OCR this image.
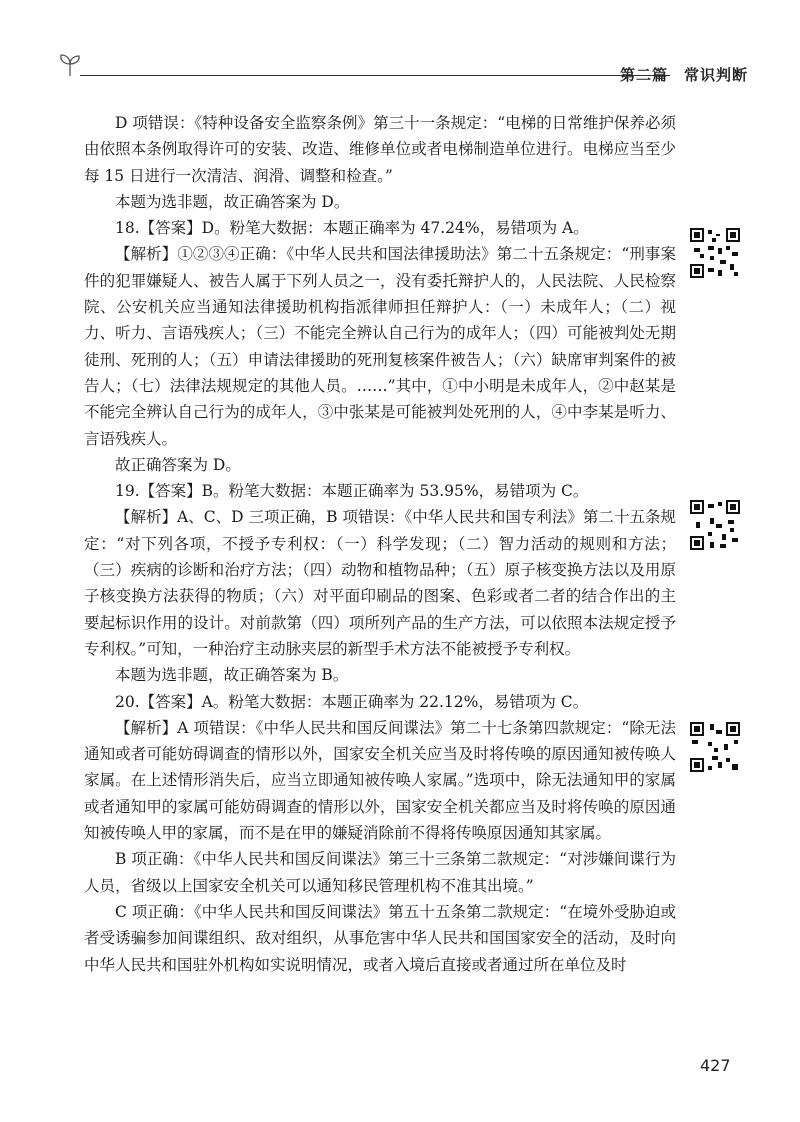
第二篇　常识判断

D 项错误：《特种设备安全监察条例》第三十一条规定：“电梯的日常维护保养必须由依照本条例取得许可的安装、改造、维修单位或者电梯制造单位进行。电梯应当至少每 15 日进行一次清洁、润滑、调整和检查。”

本题为选非题，故正确答案为 D。

18.【答案】D。粉笔大数据：本题正确率为 47.24%，易错项为 A。

【解析】①②③④正确：《中华人民共和国法律援助法》第二十五条规定：“刑事案件的犯罪嫌疑人、被告人属于下列人员之一，没有委托辩护人的，人民法院、人民检察院、公安机关应当通知法律援助机构指派律师担任辩护人：（一）未成年人；（二）视力、听力、言语残疾人；（三）不能完全辨认自己行为的成年人；（四）可能被判处无期徒刑、死刑的人；（五）申请法律援助的死刑复核案件被告人；（六）缺席审判案件的被告人；（七）法律法规规定的其他人员。……”其中，①中小明是未成年人，②中赵某是不能完全辨认自己行为的成年人，③中张某是可能被判处死刑的人，④中李某是听力、言语残疾人。

故正确答案为 D。

19.【答案】B。粉笔大数据：本题正确率为 53.95%，易错项为 C。

【解析】A、C、D 三项正确，B 项错误：《中华人民共和国专利法》第二十五条规定：“对下列各项，不授予专利权：（一）科学发现；（二）智力活动的规则和方法；（三）疾病的诊断和治疗方法；（四）动物和植物品种；（五）原子核变换方法以及用原子核变换方法获得的物质；（六）对平面印刷品的图案、色彩或者二者的结合作出的主要起标识作用的设计。对前款第（四）项所列产品的生产方法，可以依照本法规定授予专利权。”可知，一种治疗主动脉夹层的新型手术方法不能被授予专利权。

本题为选非题，故正确答案为 B。

20.【答案】A。粉笔大数据：本题正确率为 22.12%，易错项为 C。

【解析】A 项错误：《中华人民共和国反间谍法》第二十七条第四款规定：“除无法通知或者可能妨碍调查的情形以外，国家安全机关应当及时将传唤的原因通知被传唤人家属。在上述情形消失后，应当立即通知被传唤人家属。”选项中，除无法通知甲的家属或者通知甲的家属可能妨碍调查的情形以外，国家安全机关都应当及时将传唤的原因通知被传唤人甲的家属，而不是在甲的嫌疑消除前不得将传唤原因通知其家属。

B 项正确：《中华人民共和国反间谍法》第三十三条第二款规定：“对涉嫌间谍行为人员，省级以上国家安全机关可以通知移民管理机构不准其出境。”

C 项正确：《中华人民共和国反间谍法》第五十五条第二款规定：“在境外受胁迫或者受诱骗参加间谍组织、敌对组织，从事危害中华人民共和国国家安全的活动，及时向中华人民共和国驻外机构如实说明情况，或者入境后直接或者通过所在单位及时

427
